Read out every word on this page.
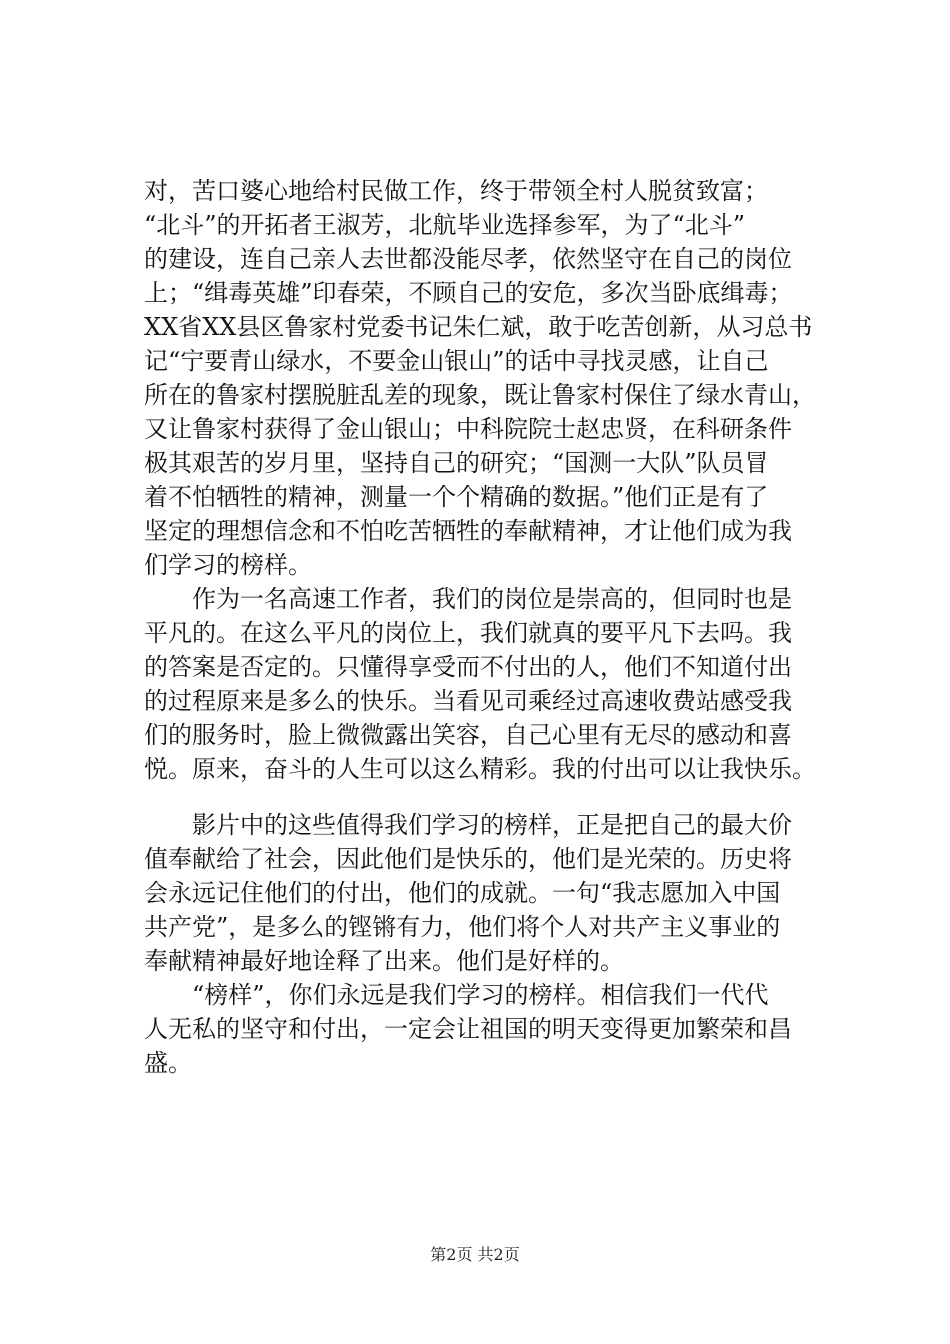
对，苦口婆心地给村民做工作，终于带领全村人脱贫致富；
“北斗”的开拓者王淑芳，北航毕业选择参军，为了“北斗”
的建设，连自己亲人去世都没能尽孝，依然坚守在自己的岗位
上；“缉毒英雄”印春荣，不顾自己的安危，多次当卧底缉毒；
XX省XX县区鲁家村党委书记朱仁斌，敢于吃苦创新，从习总书
记“宁要青山绿水，不要金山银山”的话中寻找灵感，让自己
所在的鲁家村摆脱脏乱差的现象，既让鲁家村保住了绿水青山，
又让鲁家村获得了金山银山；中科院院士赵忠贤，在科研条件
极其艰苦的岁月里，坚持自己的研究；“国测一大队”队员冒
着不怕牺牲的精神，测量一个个精确的数据。”他们正是有了
坚定的理想信念和不怕吃苦牺牲的奉献精神，才让他们成为我
们学习的榜样。
作为一名高速工作者，我们的岗位是崇高的，但同时也是
平凡的。在这么平凡的岗位上，我们就真的要平凡下去吗。我
的答案是否定的。只懂得享受而不付出的人，他们不知道付出
的过程原来是多么的快乐。当看见司乘经过高速收费站感受我
们的服务时，脸上微微露出笑容，自己心里有无尽的感动和喜
悦。原来，奋斗的人生可以这么精彩。我的付出可以让我快乐。
影片中的这些值得我们学习的榜样，正是把自己的最大价
值奉献给了社会，因此他们是快乐的，他们是光荣的。历史将
会永远记住他们的付出，他们的成就。一句“我志愿加入中国
共产党”，是多么的铿锵有力，他们将个人对共产主义事业的
奉献精神最好地诠释了出来。他们是好样的。
“榜样”，你们永远是我们学习的榜样。相信我们一代代
人无私的坚守和付出，一定会让祖国的明天变得更加繁荣和昌
盛。
第2页 共2页
